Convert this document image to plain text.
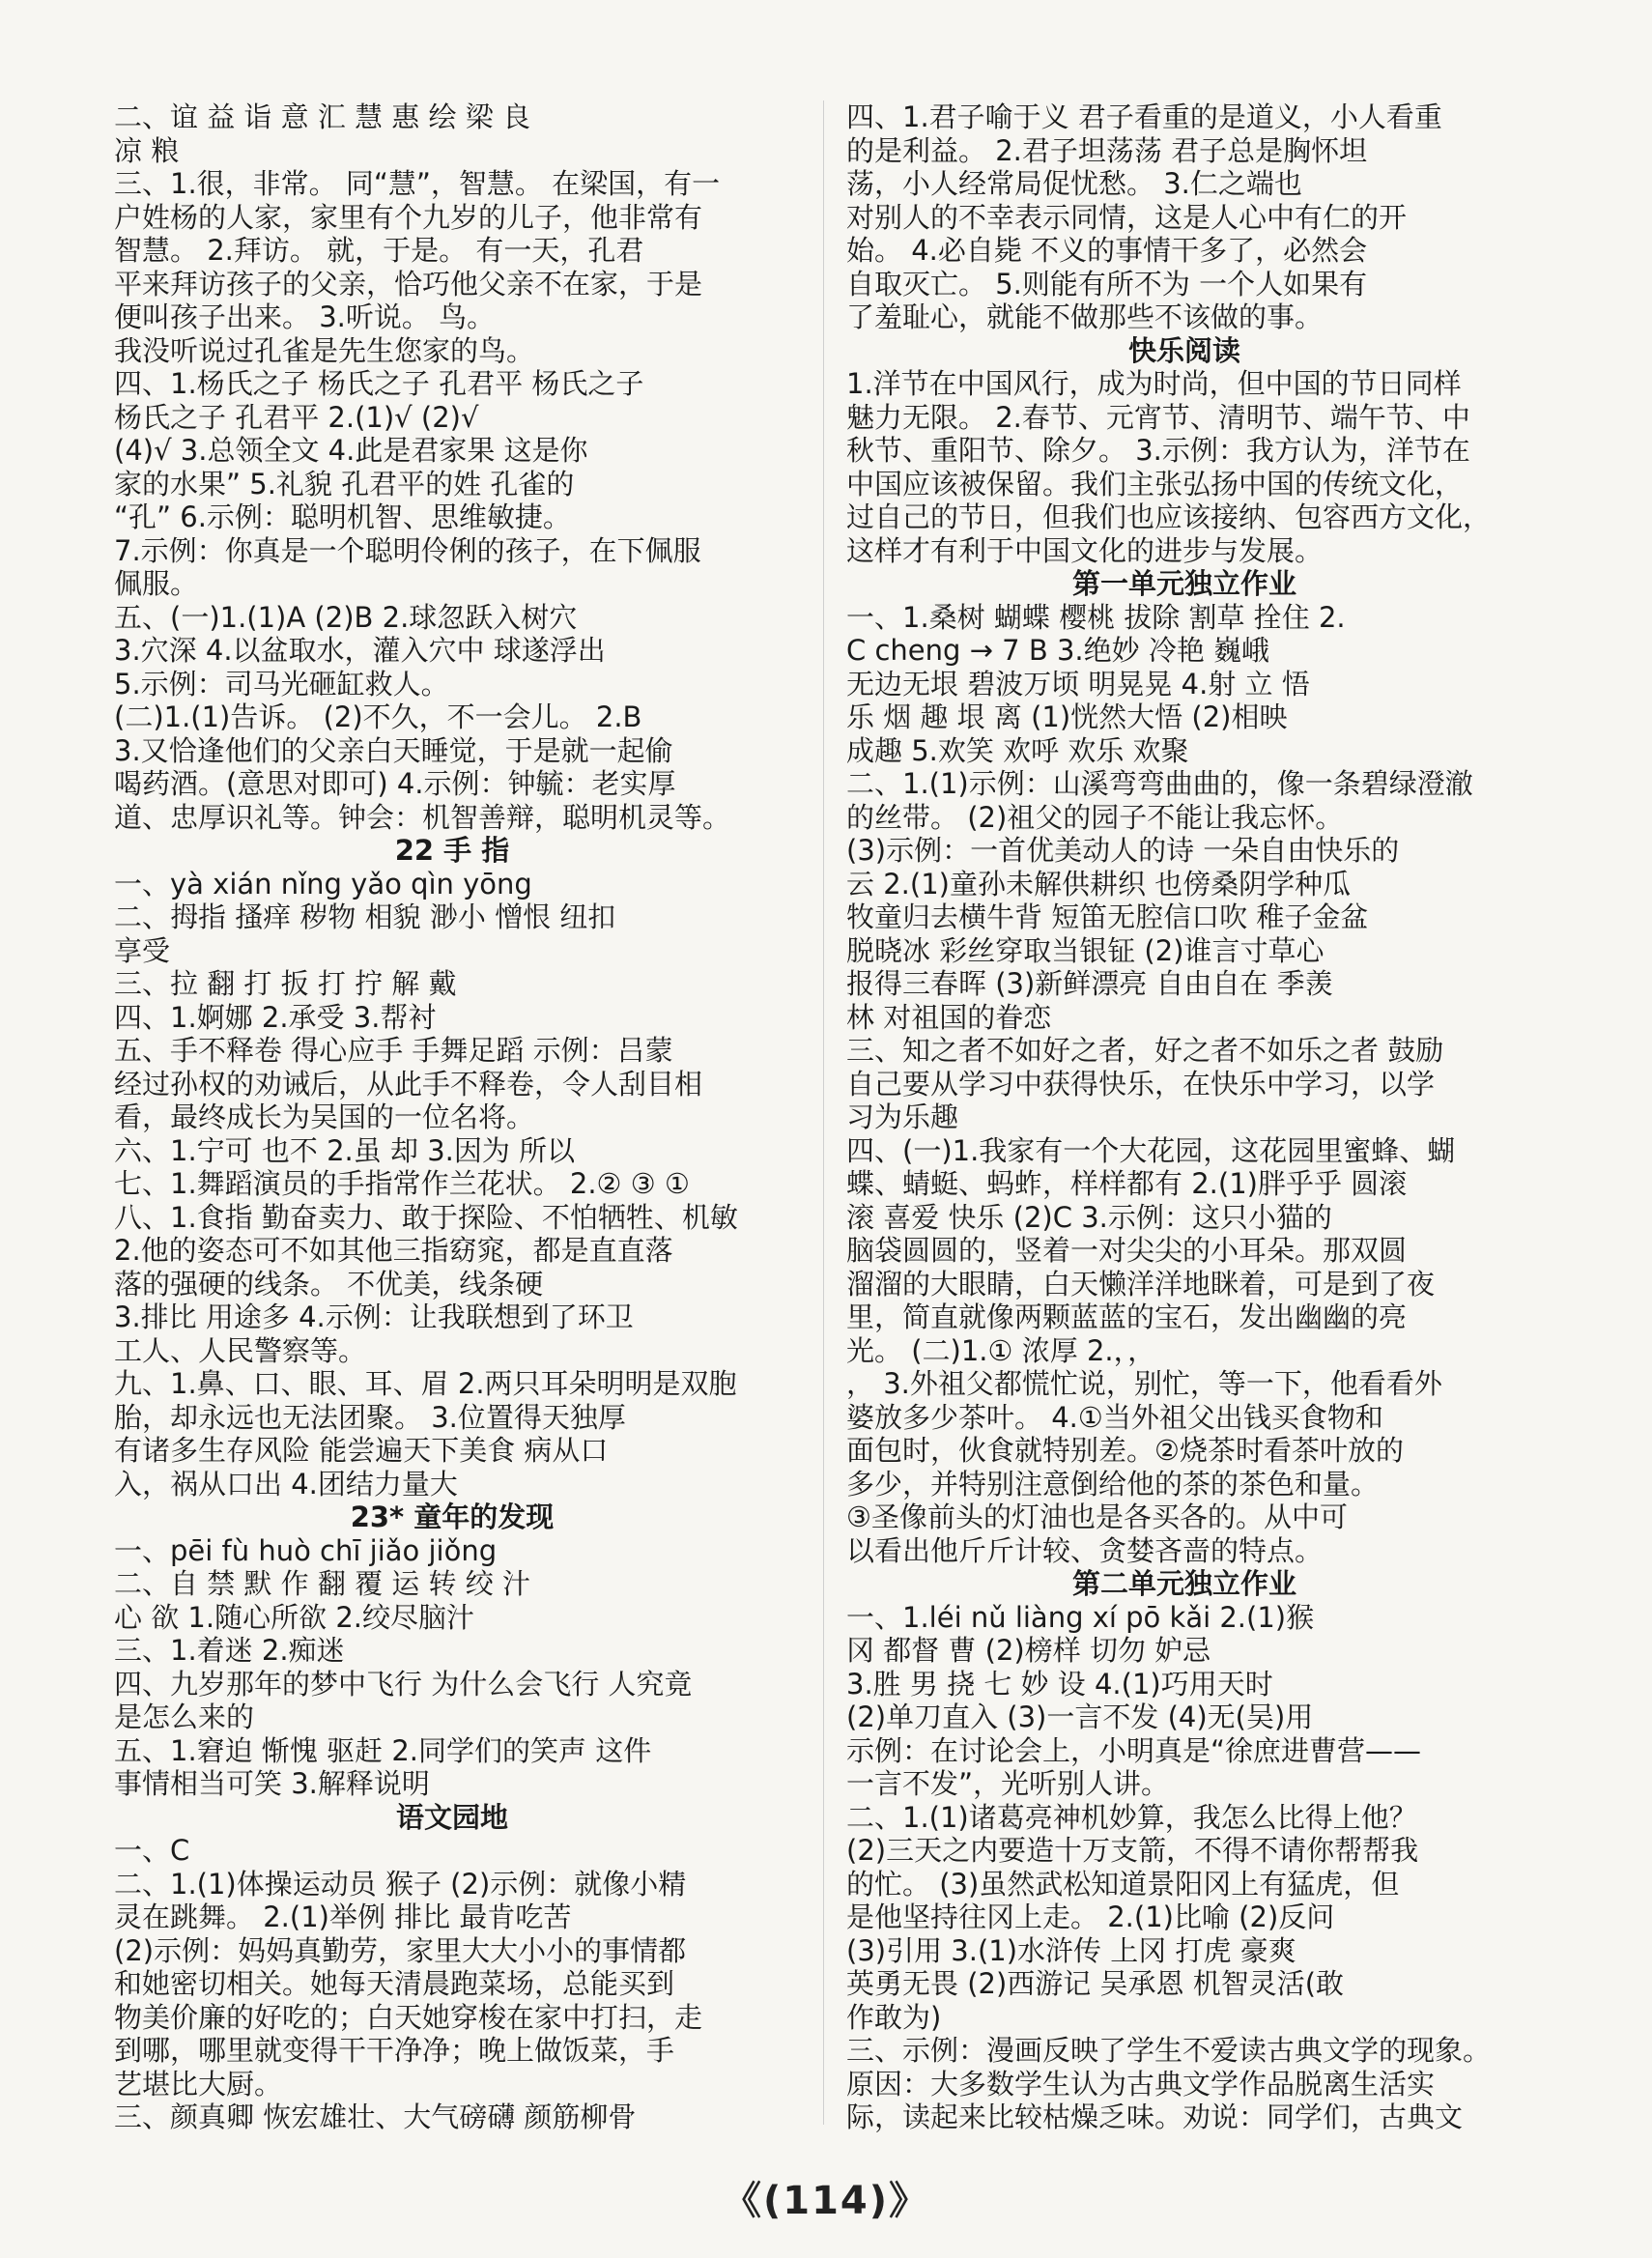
二、谊 益 诣 意 汇 慧 惠 绘 梁 良
凉 粮
三、1.很，非常。 同“慧”，智慧。 在梁国，有一
户姓杨的人家，家里有个九岁的儿子，他非常有
智慧。 2.拜访。 就，于是。 有一天，孔君
平来拜访孩子的父亲，恰巧他父亲不在家，于是
便叫孩子出来。 3.听说。 鸟。
我没听说过孔雀是先生您家的鸟。
四、1.杨氏之子 杨氏之子 孔君平 杨氏之子
杨氏之子 孔君平 2.(1)√ (2)√
(4)√ 3.总领全文 4.此是君家果 这是你
家的水果” 5.礼貌 孔君平的姓 孔雀的
“孔” 6.示例：聪明机智、思维敏捷。
7.示例：你真是一个聪明伶俐的孩子，在下佩服
佩服。
五、(一)1.(1)A (2)B 2.球忽跃入树穴
3.穴深 4.以盆取水，灌入穴中 球遂浮出
5.示例：司马光砸缸救人。
(二)1.(1)告诉。 (2)不久，不一会儿。 2.B
3.又恰逢他们的父亲白天睡觉，于是就一起偷
喝药酒。(意思对即可) 4.示例：钟毓：老实厚
道、忠厚识礼等。钟会：机智善辩，聪明机灵等。
22 手 指
一、yà xián nǐng yǎo qìn yōng
二、拇指 搔痒 秽物 相貌 渺小 憎恨 纽扣
享受
三、拉 翻 打 扳 打 拧 解 戴
四、1.婀娜 2.承受 3.帮衬
五、手不释卷 得心应手 手舞足蹈 示例：吕蒙
经过孙权的劝诫后，从此手不释卷，令人刮目相
看，最终成长为吴国的一位名将。
六、1.宁可 也不 2.虽 却 3.因为 所以
七、1.舞蹈演员的手指常作兰花状。 2.② ③ ①
八、1.食指 勤奋卖力、敢于探险、不怕牺牲、机敏
2.他的姿态可不如其他三指窈窕，都是直直落
落的强硬的线条。 不优美，线条硬
3.排比 用途多 4.示例：让我联想到了环卫
工人、人民警察等。
九、1.鼻、口、眼、耳、眉 2.两只耳朵明明是双胞
胎，却永远也无法团聚。 3.位置得天独厚
有诸多生存风险 能尝遍天下美食 病从口
入，祸从口出 4.团结力量大
23* 童年的发现
一、pēi fù huò chī jiǎo jiǒng
二、自 禁 默 作 翻 覆 运 转 绞 汁
心 欲 1.随心所欲 2.绞尽脑汁
三、1.着迷 2.痴迷
四、九岁那年的梦中飞行 为什么会飞行 人究竟
是怎么来的
五、1.窘迫 惭愧 驱赶 2.同学们的笑声 这件
事情相当可笑 3.解释说明
语文园地
一、C
二、1.(1)体操运动员 猴子 (2)示例：就像小精
灵在跳舞。 2.(1)举例 排比 最肯吃苦
(2)示例：妈妈真勤劳，家里大大小小的事情都
和她密切相关。她每天清晨跑菜场，总能买到
物美价廉的好吃的；白天她穿梭在家中打扫，走
到哪，哪里就变得干干净净；晚上做饭菜，手
艺堪比大厨。
三、颜真卿 恢宏雄壮、大气磅礴 颜筋柳骨
四、1.君子喻于义 君子看重的是道义，小人看重
的是利益。 2.君子坦荡荡 君子总是胸怀坦
荡，小人经常局促忧愁。 3.仁之端也
对别人的不幸表示同情，这是人心中有仁的开
始。 4.必自毙 不义的事情干多了，必然会
自取灭亡。 5.则能有所不为 一个人如果有
了羞耻心，就能不做那些不该做的事。
快乐阅读
1.洋节在中国风行，成为时尚，但中国的节日同样
魅力无限。 2.春节、元宵节、清明节、端午节、中
秋节、重阳节、除夕。 3.示例：我方认为，洋节在
中国应该被保留。我们主张弘扬中国的传统文化，
过自己的节日，但我们也应该接纳、包容西方文化，
这样才有利于中国文化的进步与发展。
第一单元独立作业
一、1.桑树 蝴蝶 樱桃 拔除 割草 拴住 2.
C cheng → 7 B 3.绝妙 冷艳 巍峨
无边无垠 碧波万顷 明晃晃 4.射 立 悟
乐 烟 趣 垠 离 (1)恍然大悟 (2)相映
成趣 5.欢笑 欢呼 欢乐 欢聚
二、1.(1)示例：山溪弯弯曲曲的，像一条碧绿澄澈
的丝带。 (2)祖父的园子不能让我忘怀。
(3)示例：一首优美动人的诗 一朵自由快乐的
云 2.(1)童孙未解供耕织 也傍桑阴学种瓜
牧童归去横牛背 短笛无腔信口吹 稚子金盆
脱晓冰 彩丝穿取当银钲 (2)谁言寸草心
报得三春晖 (3)新鲜漂亮 自由自在 季羡
林 对祖国的眷恋
三、知之者不如好之者，好之者不如乐之者 鼓励
自己要从学习中获得快乐，在快乐中学习，以学
习为乐趣
四、(一)1.我家有一个大花园，这花园里蜜蜂、蝴
蝶、蜻蜓、蚂蚱，样样都有 2.(1)胖乎乎 圆滚
滚 喜爱 快乐 (2)C 3.示例：这只小猫的
脑袋圆圆的，竖着一对尖尖的小耳朵。那双圆
溜溜的大眼睛，白天懒洋洋地眯着，可是到了夜
里，简直就像两颗蓝蓝的宝石，发出幽幽的亮
光。 (二)1.① 浓厚 2.，，
， 3.外祖父都慌忙说，别忙，等一下，他看看外
婆放多少茶叶。 4.①当外祖父出钱买食物和
面包时，伙食就特别差。②烧茶时看茶叶放的
多少，并特别注意倒给他的茶的茶色和量。
③圣像前头的灯油也是各买各的。从中可
以看出他斤斤计较、贪婪吝啬的特点。
第二单元独立作业
一、1.léi nǔ liàng xí pō kǎi 2.(1)猴
冈 都督 曹 (2)榜样 切勿 妒忌
3.胜 男 挠 七 妙 设 4.(1)巧用天时
(2)单刀直入 (3)一言不发 (4)无(吴)用
示例：在讨论会上，小明真是“徐庶进曹营——
一言不发”，光听别人讲。
二、1.(1)诸葛亮神机妙算，我怎么比得上他？
(2)三天之内要造十万支箭，不得不请你帮帮我
的忙。 (3)虽然武松知道景阳冈上有猛虎，但
是他坚持往冈上走。 2.(1)比喻 (2)反问
(3)引用 3.(1)水浒传 上冈 打虎 豪爽
英勇无畏 (2)西游记 吴承恩 机智灵活(敢
作敢为)
三、示例：漫画反映了学生不爱读古典文学的现象。
原因：大多数学生认为古典文学作品脱离生活实
际，读起来比较枯燥乏味。劝说：同学们，古典文
《(114)》
